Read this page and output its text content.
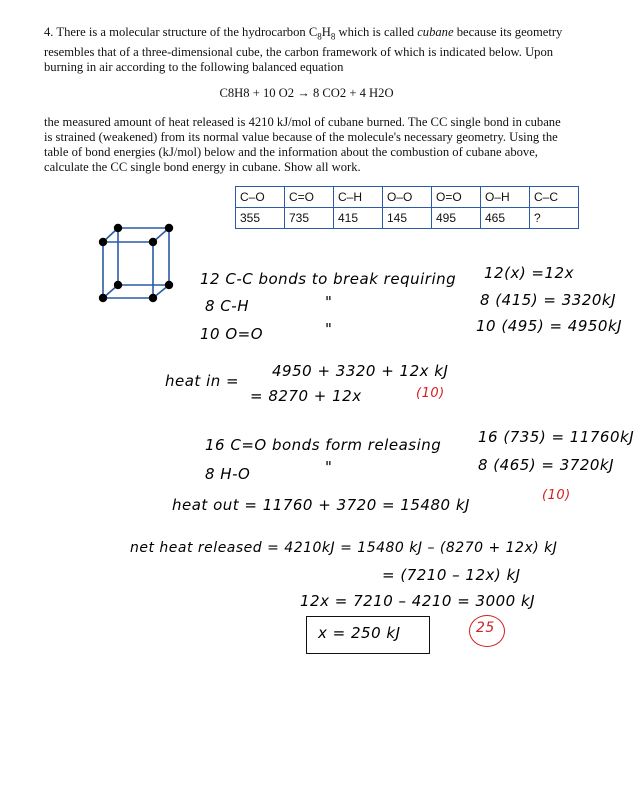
4. There is a molecular structure of the hydrocarbon $C_8H_8$ which is called cubane because its geometry resembles that of a three-dimensional cube, the carbon framework of which is indicated below. Upon burning in air according to the following balanced equation

C8H8 + 10 O2 → 8 CO2 + 4 H2O

the measured amount of heat released is 4210 kJ/mol of cubane burned. The CC single bond in cubane is strained (weakened) from its normal value because of the molecule's necessary geometry. Using the table of bond energies (kJ/mol) below and the information about the combustion of cubane above, calculate the CC single bond energy in cubane. Show all work.

C–O	C=O	C–H	O–O	O=O	O–H	C–C
355	735	415	145	495	465	?
12 C-C bonds to break requiring 12(x) =12x
8 C-H	"	8 (415) = 3320kJ
10 O=O	"	10 (495) = 4950kJ
heat in =
4950 + 3320 + 12x kJ
= 8270 + 12x	(10)
16 C=O bonds form releasing 16 (735) = 11760kJ
8 H-O	"	8 (465) = 3720kJ
heat out = 11760 + 3720 = 15480 kJ
(10)
net heat released = 4210kJ = 15480 kJ – (8270 + 12x) kJ
= (7210 – 12x) kJ
12x = 7210 – 4210 = 3000 kJ
x = 250 kJ	25
